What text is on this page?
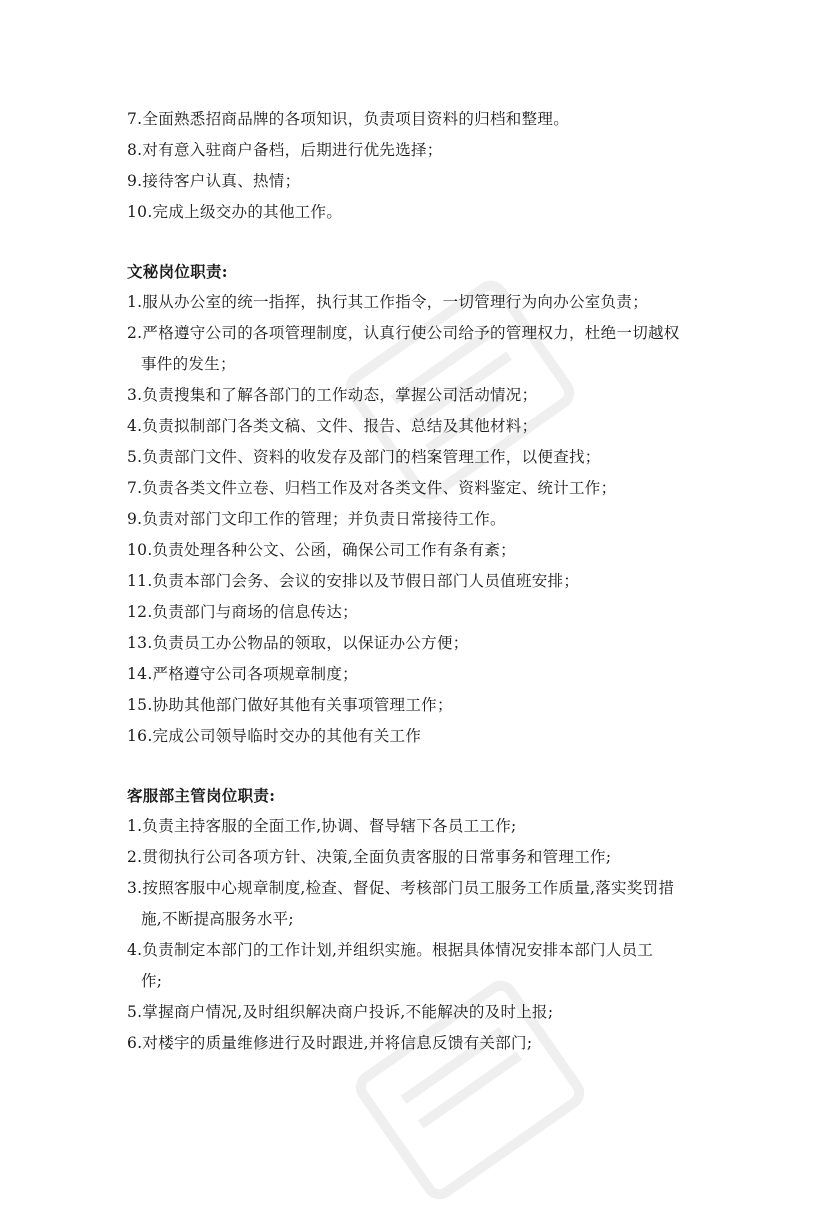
7.全面熟悉招商品牌的各项知识，负责项目资料的归档和整理。
8.对有意入驻商户备档，后期进行优先选择；
9.接待客户认真、热情；
10.完成上级交办的其他工作。
文秘岗位职责:
1.服从办公室的统一指挥，执行其工作指令，一切管理行为向办公室负责；
2.严格遵守公司的各项管理制度，认真行使公司给予的管理权力，杜绝一切越权
事件的发生；
3.负责搜集和了解各部门的工作动态，掌握公司活动情况；
4.负责拟制部门各类文稿、文件、报告、总结及其他材料；
5.负责部门文件、资料的收发存及部门的档案管理工作，以便查找；
7.负责各类文件立卷、归档工作及对各类文件、资料鉴定、统计工作；
9.负责对部门文印工作的管理；并负责日常接待工作。
10.负责处理各种公文、公函，确保公司工作有条有紊；
11.负责本部门会务、会议的安排以及节假日部门人员值班安排；
12.负责部门与商场的信息传达；
13.负责员工办公物品的领取，以保证办公方便；
14.严格遵守公司各项规章制度；
15.协助其他部门做好其他有关事项管理工作；
16.完成公司领导临时交办的其他有关工作
客服部主管岗位职责:
1.负责主持客服的全面工作,协调、督导辖下各员工工作;
2.贯彻执行公司各项方针、决策,全面负责客服的日常事务和管理工作;
3.按照客服中心规章制度,检查、督促、考核部门员工服务工作质量,落实奖罚措
施,不断提高服务水平;
4.负责制定本部门的工作计划,并组织实施。根据具体情况安排本部门人员工
作;
5.掌握商户情况,及时组织解决商户投诉,不能解决的及时上报;
6.对楼宇的质量维修进行及时跟进,并将信息反馈有关部门;
